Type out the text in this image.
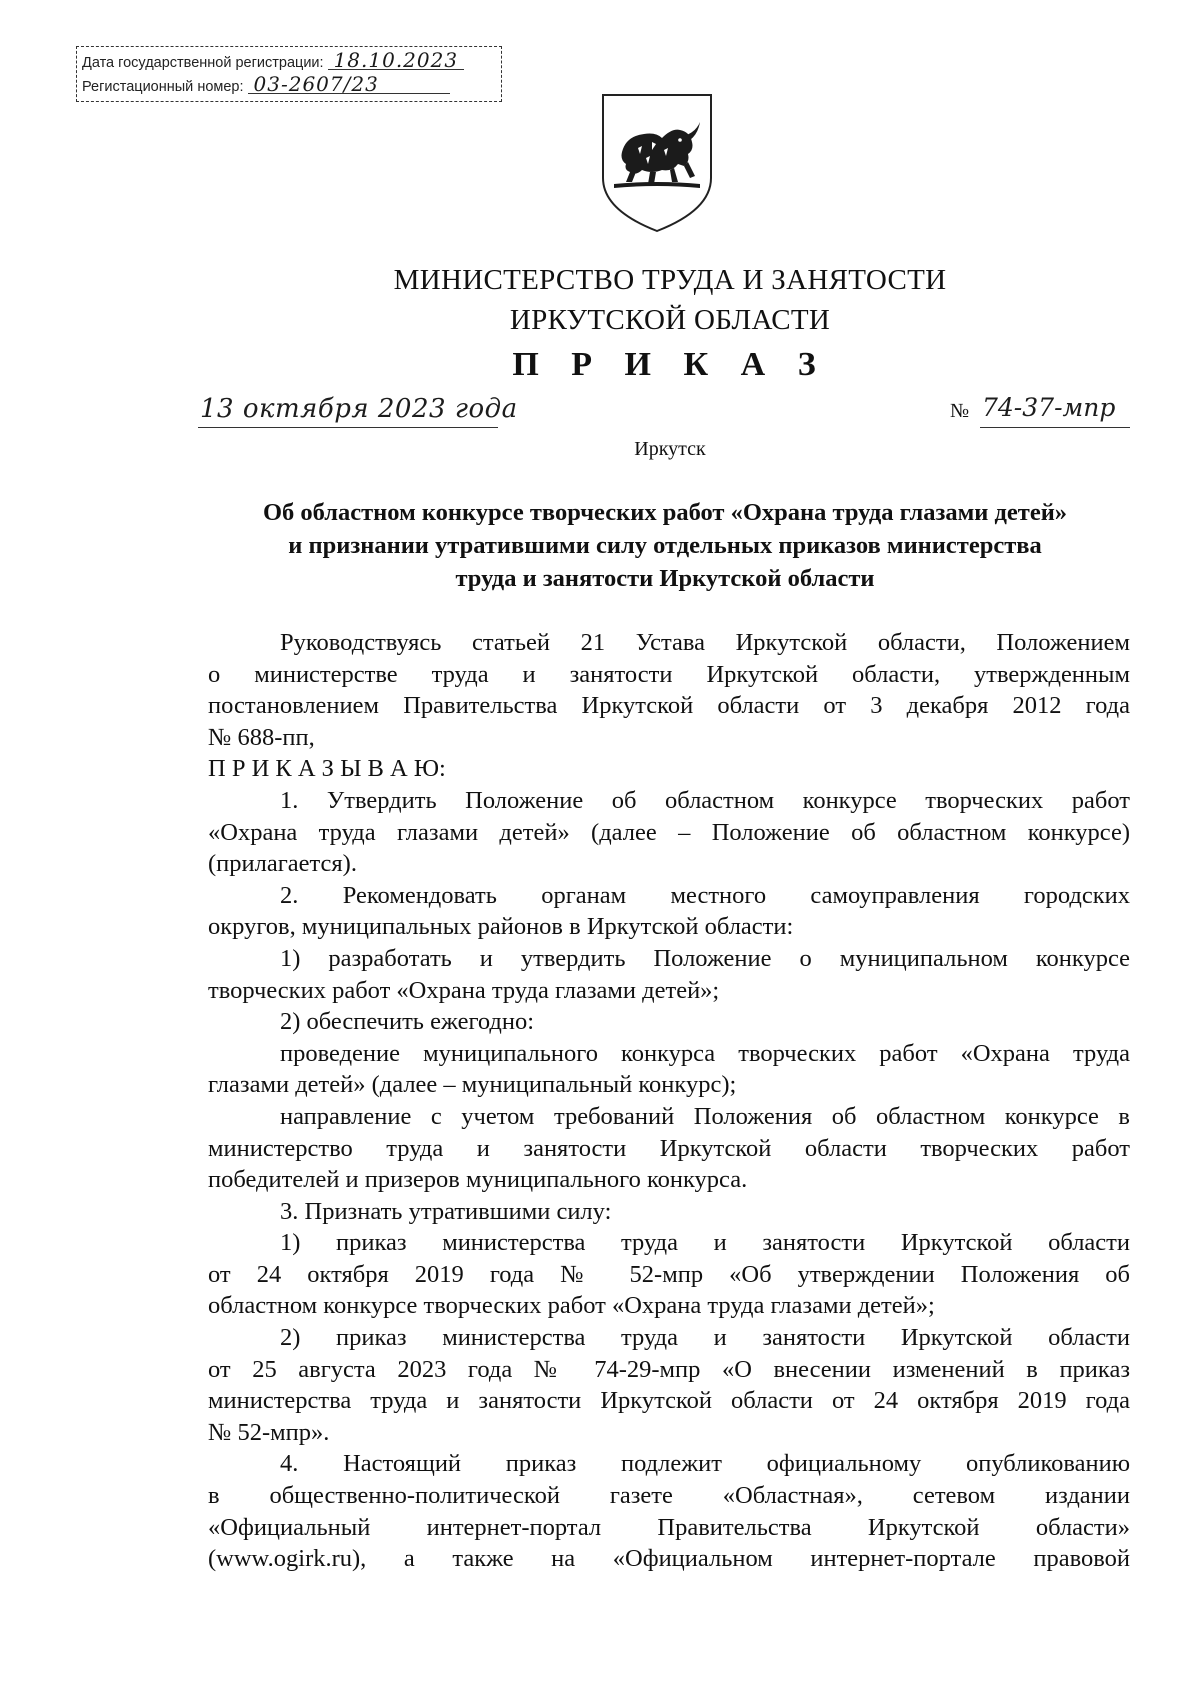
Дата государственной регистрации: 18.10.2023
Регистационный номер: 03-2607/23
МИНИСТЕРСТВО ТРУДА И ЗАНЯТОСТИ
ИРКУТСКОЙ ОБЛАСТИ
П Р И К А З
13 октября 2023 года	№ 74-37-мпр
Иркутск
Об областном конкурсе творческих работ «Охрана труда глазами детей»
и признании утратившими силу отдельных приказов министерства
труда и занятости Иркутской области
Руководствуясь статьей 21 Устава Иркутской области, Положением
о министерстве труда и занятости Иркутской области, утвержденным
постановлением Правительства Иркутской области от 3 декабря 2012 года
№ 688-пп,
П Р И К А З Ы В А Ю:
1. Утвердить Положение об областном конкурсе творческих работ
«Охрана труда глазами детей» (далее – Положение об областном конкурсе)
(прилагается).
2. Рекомендовать органам местного самоуправления городских
округов, муниципальных районов в Иркутской области:
1) разработать и утвердить Положение о муниципальном конкурсе
творческих работ «Охрана труда глазами детей»;
2) обеспечить ежегодно:
проведение муниципального конкурса творческих работ «Охрана труда
глазами детей» (далее – муниципальный конкурс);
направление с учетом требований Положения об областном конкурсе в
министерство труда и занятости Иркутской области творческих работ
победителей и призеров муниципального конкурса.
3. Признать утратившими силу:
1) приказ министерства труда и занятости Иркутской области
от 24 октября 2019 года № 52-мпр «Об утверждении Положения об
областном конкурсе творческих работ «Охрана труда глазами детей»;
2) приказ министерства труда и занятости Иркутской области
от 25 августа 2023 года № 74-29-мпр «О внесении изменений в приказ
министерства труда и занятости Иркутской области от 24 октября 2019 года
№ 52-мпр».
4. Настоящий приказ подлежит официальному опубликованию
в общественно-политической газете «Областная», сетевом издании
«Официальный интернет-портал Правительства Иркутской области»
(www.ogirk.ru), а также на «Официальном интернет-портале правовой
